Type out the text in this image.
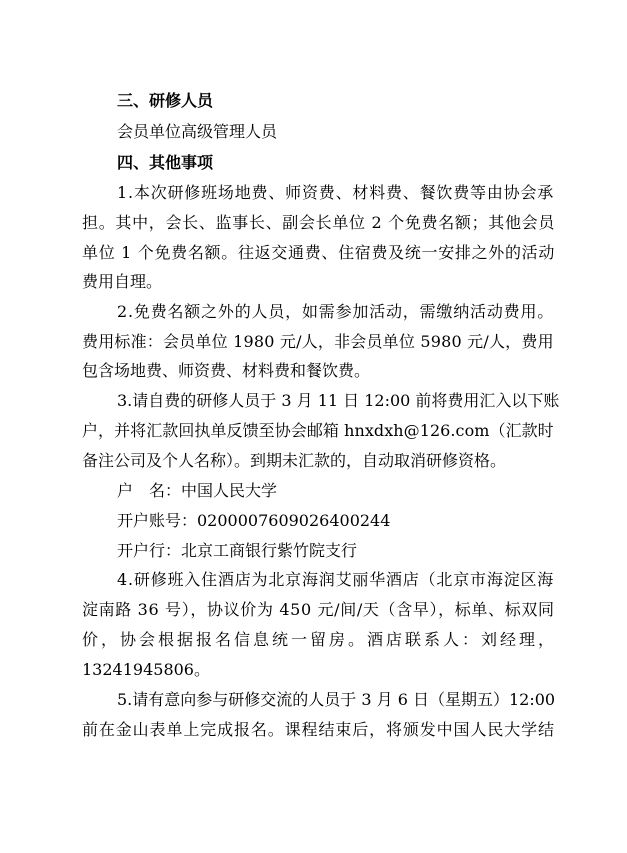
三、研修人员
会员单位高级管理人员
四、其他事项
1.本次研修班场地费、师资费、材料费、餐饮费等由协会承
担。其中，会长、监事长、副会长单位 2 个免费名额；其他会员
单位 1 个免费名额。往返交通费、住宿费及统一安排之外的活动
费用自理。
2.免费名额之外的人员，如需参加活动，需缴纳活动费用。
费用标准：会员单位 1980 元/人，非会员单位 5980 元/人，费用
包含场地费、师资费、材料费和餐饮费。
3.请自费的研修人员于 3 月 11 日 12:00 前将费用汇入以下账
户，并将汇款回执单反馈至协会邮箱 hnxdxh@126.com（汇款时
备注公司及个人名称）。到期未汇款的，自动取消研修资格。
户　名：中国人民大学
开户账号：0200007609026400244
开户行：北京工商银行紫竹院支行
4.研修班入住酒店为北京海润艾丽华酒店（北京市海淀区海
淀南路 36 号），协议价为 450 元/间/天（含早），标单、标双同
价，协会根据报名信息统一留房。酒店联系人：刘经理，
13241945806。
5.请有意向参与研修交流的人员于 3 月 6 日（星期五）12:00
前在金山表单上完成报名。课程结束后，将颁发中国人民大学结
